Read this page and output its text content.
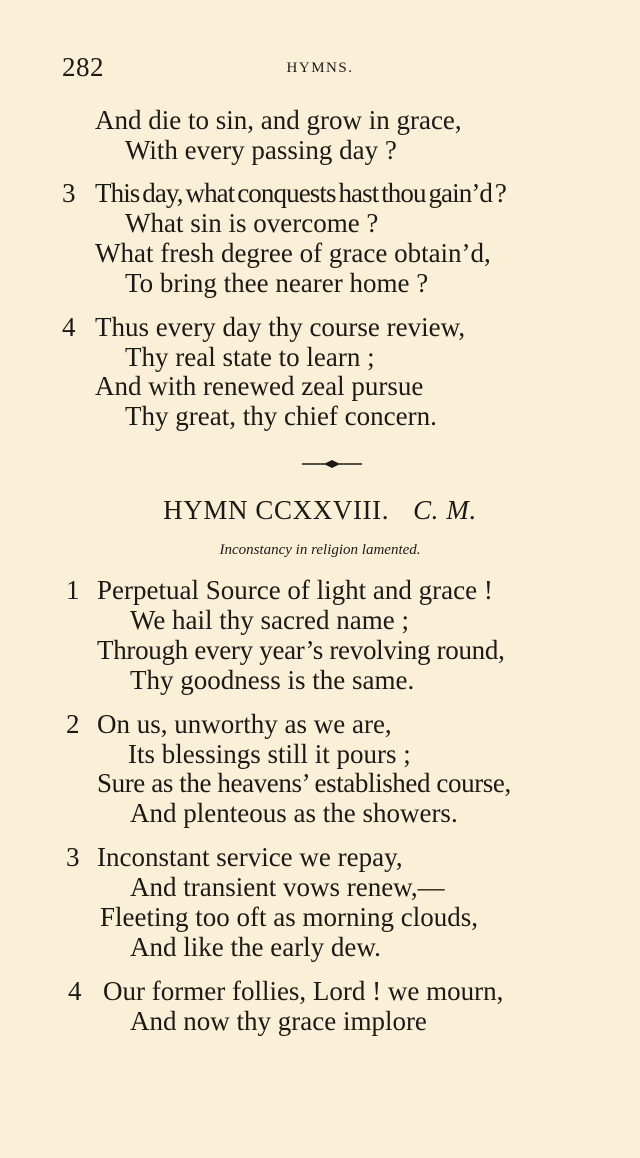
282	HYMNS.
And die to sin, and grow in grace,
With every passing day ?
3 This day, what conquests hast thou gain’d ?
What sin is overcome ?
What fresh degree of grace obtain’d,
To bring thee nearer home ?
4 Thus every day thy course review,
Thy real state to learn ;
And with renewed zeal pursue
Thy great, thy chief concern.
HYMN CCXXVIII. C. M.
Inconstancy in religion lamented.
1 Perpetual Source of light and grace !
We hail thy sacred name ;
Through every year’s revolving round,
Thy goodness is the same.
2 On us, unworthy as we are,
Its blessings still it pours ;
Sure as the heavens’ established course,
And plenteous as the showers.
3 Inconstant service we repay,
And transient vows renew,—
Fleeting too oft as morning clouds,
And like the early dew.
4 Our former follies, Lord ! we mourn,
And now thy grace implore
